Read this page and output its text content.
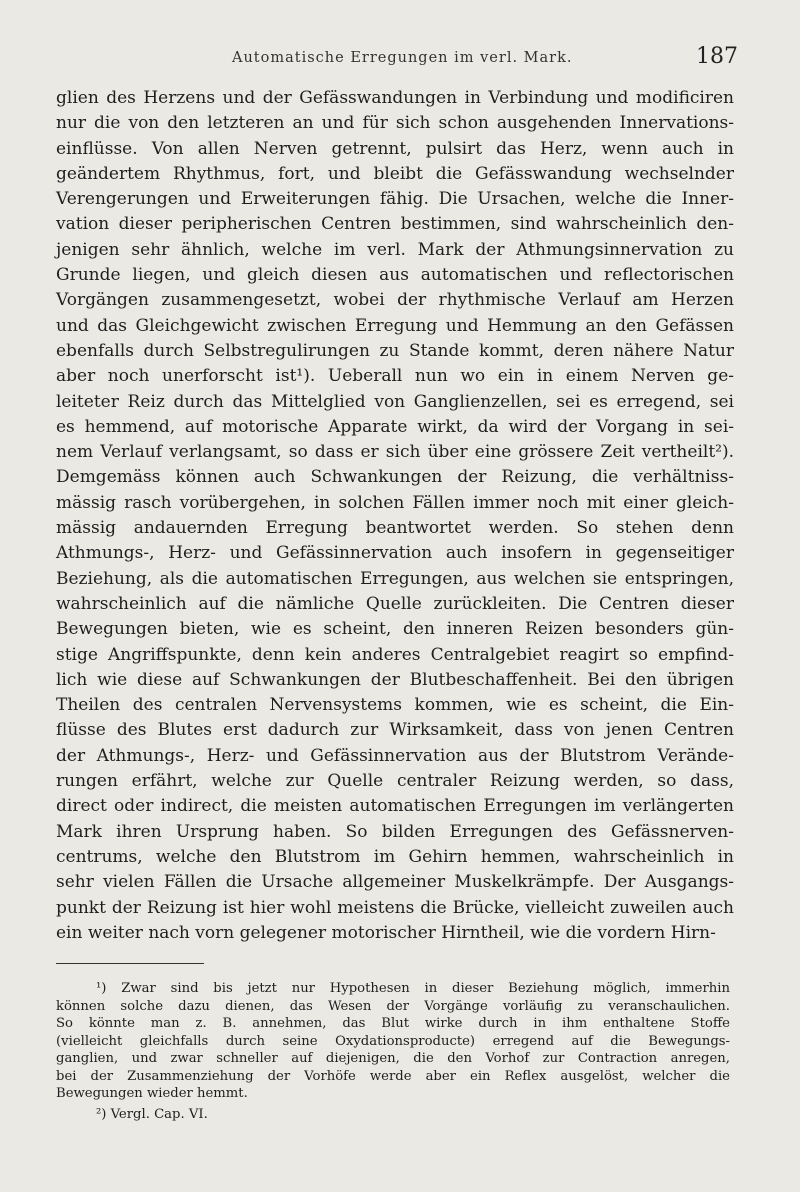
Automatische Erregungen im verl. Mark.	187
glien des Herzens und der Gefässwandungen in Verbindung und modificiren
nur die von den letzteren an und für sich schon ausgehenden Innervations-
einflüsse. Von allen Nerven getrennt, pulsirt das Herz, wenn auch in
geändertem Rhythmus, fort, und bleibt die Gefässwandung wechselnder
Verengerungen und Erweiterungen fähig. Die Ursachen, welche die Inner-
vation dieser peripherischen Centren bestimmen, sind wahrscheinlich den-
jenigen sehr ähnlich, welche im verl. Mark der Athmungsinnervation zu
Grunde liegen, und gleich diesen aus automatischen und reflectorischen
Vorgängen zusammengesetzt, wobei der rhythmische Verlauf am Herzen
und das Gleichgewicht zwischen Erregung und Hemmung an den Gefässen
ebenfalls durch Selbstregulirungen zu Stande kommt, deren nähere Natur
aber noch unerforscht ist¹). Ueberall nun wo ein in einem Nerven ge-
leiteter Reiz durch das Mittelglied von Ganglienzellen, sei es erregend, sei
es hemmend, auf motorische Apparate wirkt, da wird der Vorgang in sei-
nem Verlauf verlangsamt, so dass er sich über eine grössere Zeit vertheilt²).
Demgemäss können auch Schwankungen der Reizung, die verhältniss-
mässig rasch vorübergehen, in solchen Fällen immer noch mit einer gleich-
mässig andauernden Erregung beantwortet werden. So stehen denn
Athmungs-, Herz- und Gefässinnervation auch insofern in gegenseitiger
Beziehung, als die automatischen Erregungen, aus welchen sie entspringen,
wahrscheinlich auf die nämliche Quelle zurückleiten. Die Centren dieser
Bewegungen bieten, wie es scheint, den inneren Reizen besonders gün-
stige Angriffspunkte, denn kein anderes Centralgebiet reagirt so empfind-
lich wie diese auf Schwankungen der Blutbeschaffenheit. Bei den übrigen
Theilen des centralen Nervensystems kommen, wie es scheint, die Ein-
flüsse des Blutes erst dadurch zur Wirksamkeit, dass von jenen Centren
der Athmungs-, Herz- und Gefässinnervation aus der Blutstrom Verände-
rungen erfährt, welche zur Quelle centraler Reizung werden, so dass,
direct oder indirect, die meisten automatischen Erregungen im verlängerten
Mark ihren Ursprung haben. So bilden Erregungen des Gefässnerven-
centrums, welche den Blutstrom im Gehirn hemmen, wahrscheinlich in
sehr vielen Fällen die Ursache allgemeiner Muskelkrämpfe. Der Ausgangs-
punkt der Reizung ist hier wohl meistens die Brücke, vielleicht zuweilen auch
ein weiter nach vorn gelegener motorischer Hirntheil, wie die vordern Hirn-
¹) Zwar sind bis jetzt nur Hypothesen in dieser Beziehung möglich, immerhin
können solche dazu dienen, das Wesen der Vorgänge vorläufig zu veranschaulichen.
So könnte man z. B. annehmen, das Blut wirke durch in ihm enthaltene Stoffe
(vielleicht gleichfalls durch seine Oxydationsproducte) erregend auf die Bewegungs-
ganglien, und zwar schneller auf diejenigen, die den Vorhof zur Contraction anregen,
bei der Zusammenziehung der Vorhöfe werde aber ein Reflex ausgelöst, welcher die
Bewegungen wieder hemmt.
²) Vergl. Cap. VI.
